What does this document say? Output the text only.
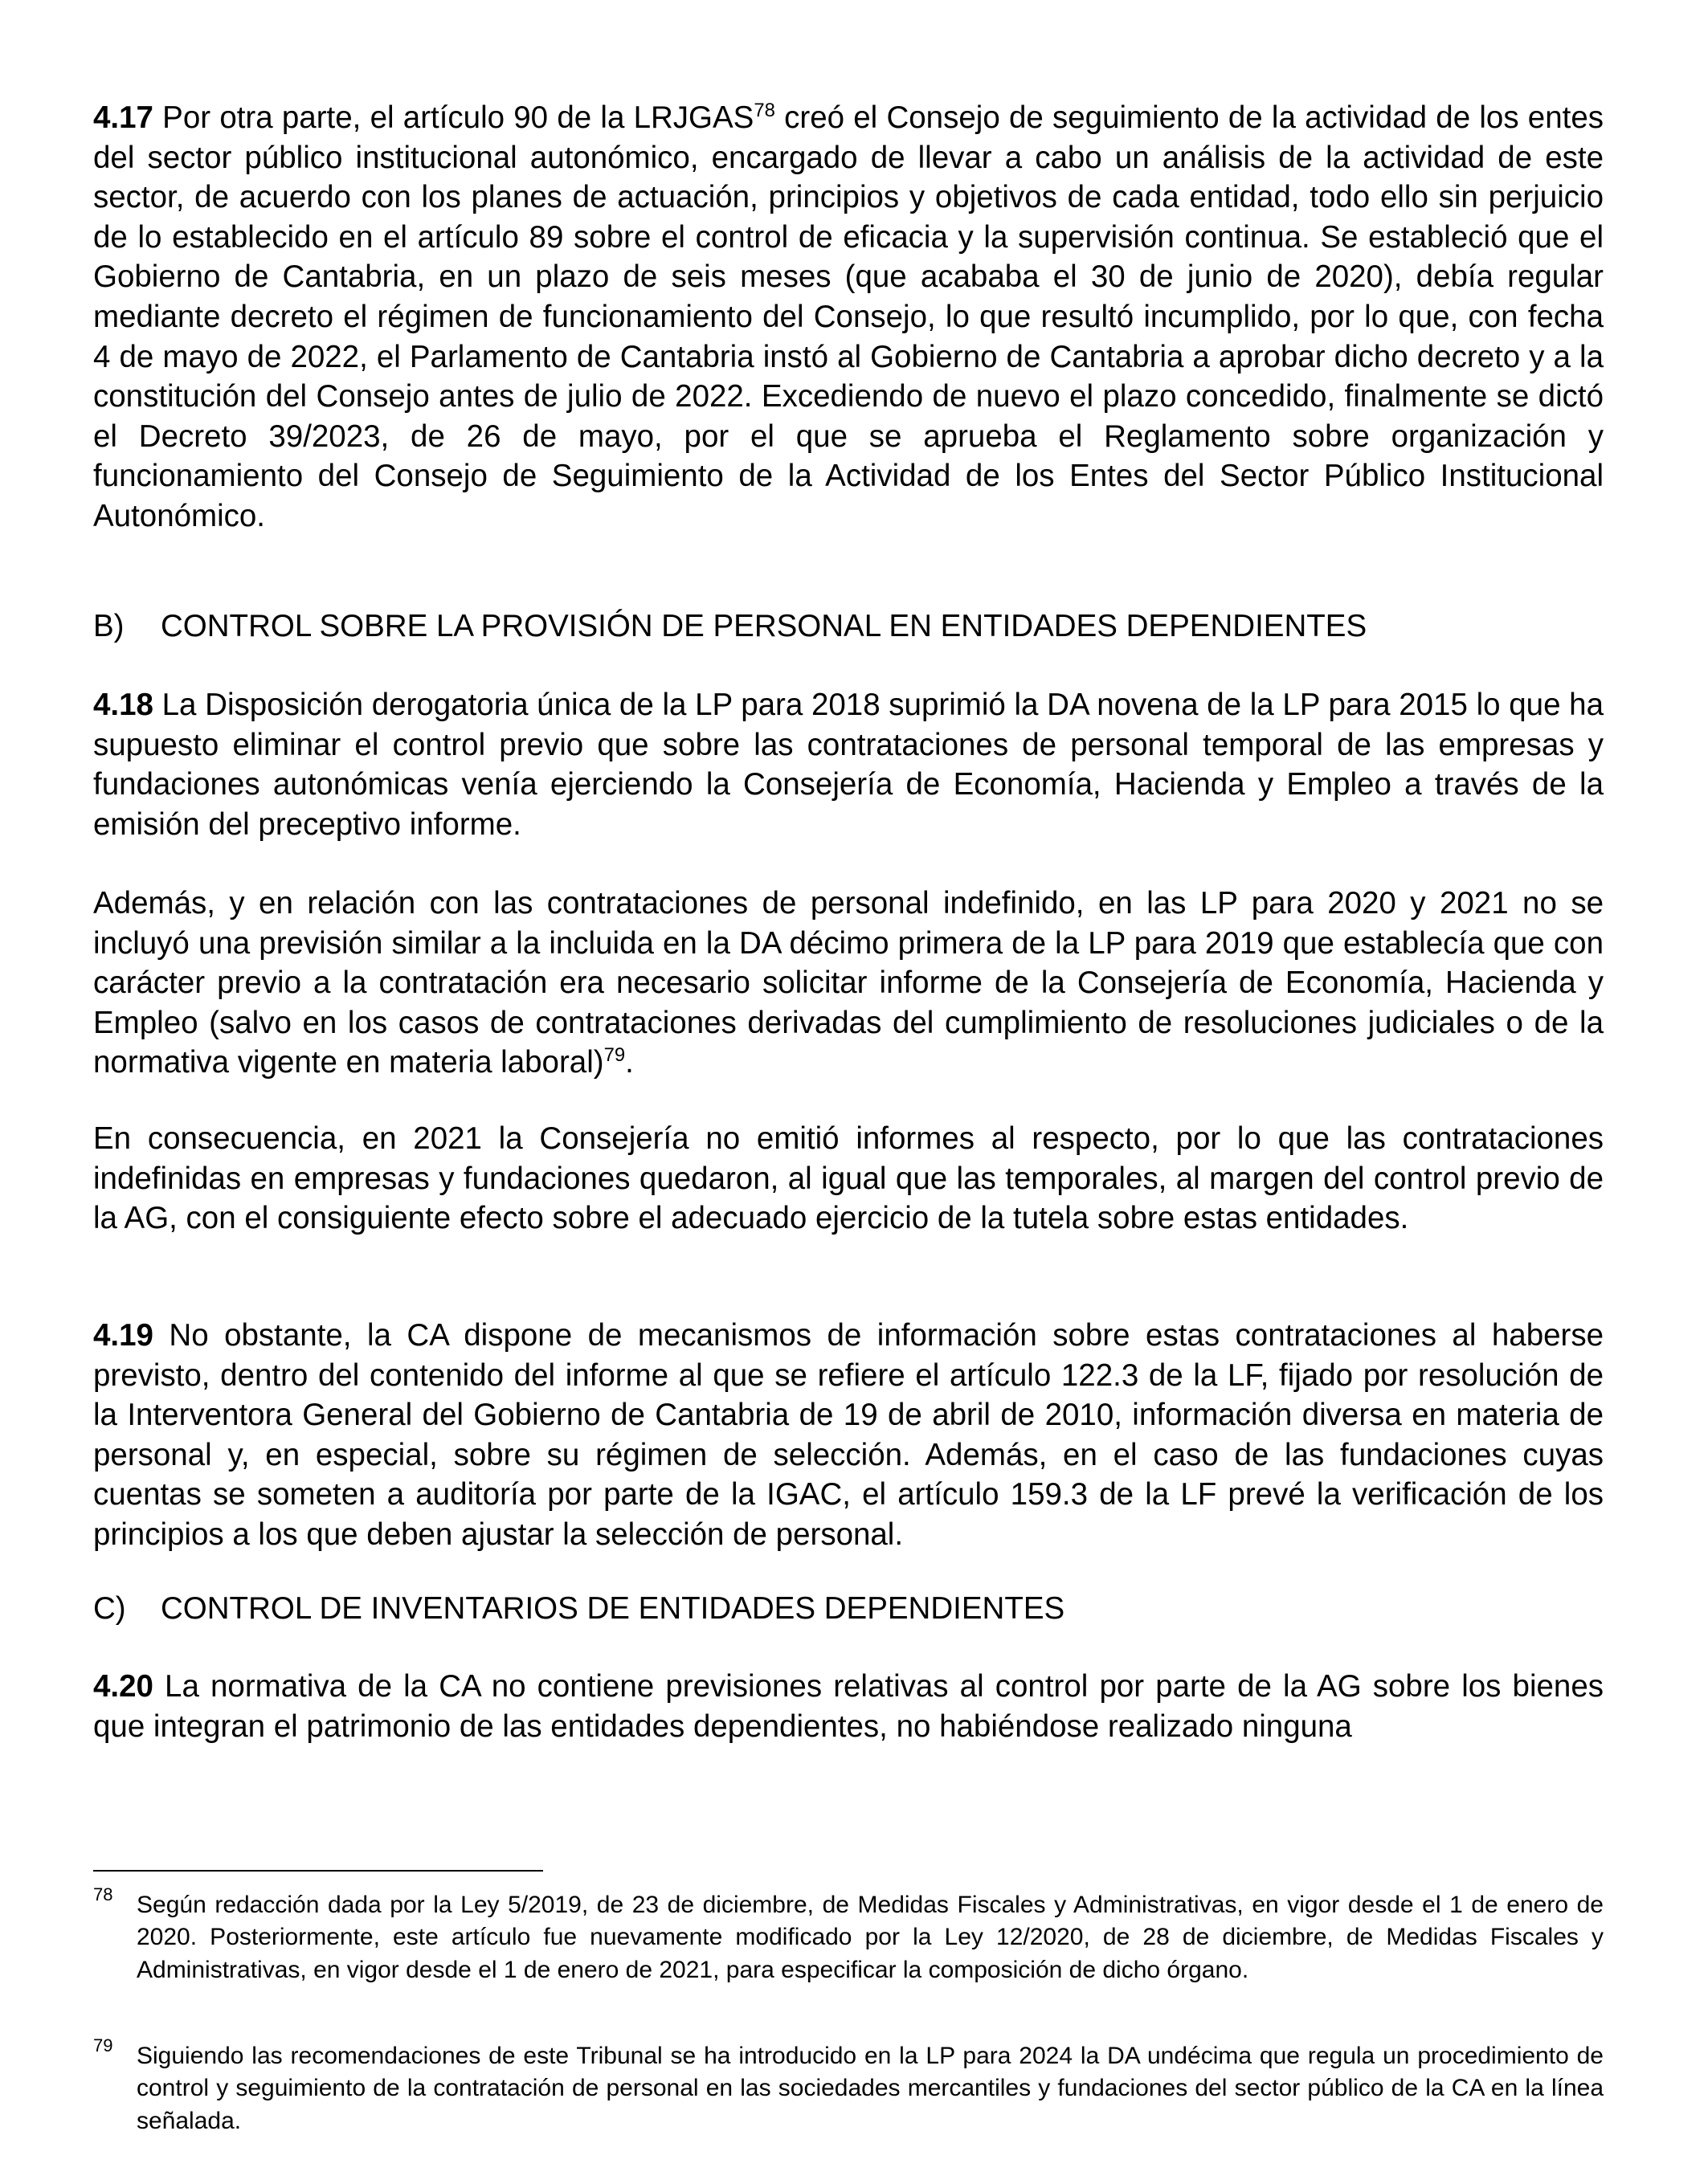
4.17 Por otra parte, el artículo 90 de la LRJGAS$^{78}$ creó el Consejo de seguimiento de la actividad de los entes del sector público institucional autonómico, encargado de llevar a cabo un análisis de la actividad de este sector, de acuerdo con los planes de actuación, principios y objetivos de cada entidad, todo ello sin perjuicio de lo establecido en el artículo 89 sobre el control de eficacia y la supervisión continua. Se estableció que el Gobierno de Cantabria, en un plazo de seis meses (que acababa el 30 de junio de 2020), debía regular mediante decreto el régimen de funcionamiento del Consejo, lo que resultó incumplido, por lo que, con fecha 4 de mayo de 2022, el Parlamento de Cantabria instó al Gobierno de Cantabria a aprobar dicho decreto y a la constitución del Consejo antes de julio de 2022. Excediendo de nuevo el plazo concedido, finalmente se dictó el Decreto 39/2023, de 26 de mayo, por el que se aprueba el Reglamento sobre organización y funcionamiento del Consejo de Seguimiento de la Actividad de los Entes del Sector Público Institucional Autonómico.

B) CONTROL SOBRE LA PROVISIÓN DE PERSONAL EN ENTIDADES DEPENDIENTES

4.18 La Disposición derogatoria única de la LP para 2018 suprimió la DA novena de la LP para 2015 lo que ha supuesto eliminar el control previo que sobre las contrataciones de personal temporal de las empresas y fundaciones autonómicas venía ejerciendo la Consejería de Economía, Hacienda y Empleo a través de la emisión del preceptivo informe.

Además, y en relación con las contrataciones de personal indefinido, en las LP para 2020 y 2021 no se incluyó una previsión similar a la incluida en la DA décimo primera de la LP para 2019 que establecía que con carácter previo a la contratación era necesario solicitar informe de la Consejería de Economía, Hacienda y Empleo (salvo en los casos de contrataciones derivadas del cumplimiento de resoluciones judiciales o de la normativa vigente en materia laboral)$^{79}$.

En consecuencia, en 2021 la Consejería no emitió informes al respecto, por lo que las contrataciones indefinidas en empresas y fundaciones quedaron, al igual que las temporales, al margen del control previo de la AG, con el consiguiente efecto sobre el adecuado ejercicio de la tutela sobre estas entidades.

4.19 No obstante, la CA dispone de mecanismos de información sobre estas contrataciones al haberse previsto, dentro del contenido del informe al que se refiere el artículo 122.3 de la LF, fijado por resolución de la Interventora General del Gobierno de Cantabria de 19 de abril de 2010, información diversa en materia de personal y, en especial, sobre su régimen de selección. Además, en el caso de las fundaciones cuyas cuentas se someten a auditoría por parte de la IGAC, el artículo 159.3 de la LF prevé la verificación de los principios a los que deben ajustar la selección de personal.

C) CONTROL DE INVENTARIOS DE ENTIDADES DEPENDIENTES

4.20 La normativa de la CA no contiene previsiones relativas al control por parte de la AG sobre los bienes que integran el patrimonio de las entidades dependientes, no habiéndose realizado ninguna

78 Según redacción dada por la Ley 5/2019, de 23 de diciembre, de Medidas Fiscales y Administrativas, en vigor desde el 1 de enero de 2020. Posteriormente, este artículo fue nuevamente modificado por la Ley 12/2020, de 28 de diciembre, de Medidas Fiscales y Administrativas, en vigor desde el 1 de enero de 2021, para especificar la composición de dicho órgano.
79 Siguiendo las recomendaciones de este Tribunal se ha introducido en la LP para 2024 la DA undécima que regula un procedimiento de control y seguimiento de la contratación de personal en las sociedades mercantiles y fundaciones del sector público de la CA en la línea señalada.
